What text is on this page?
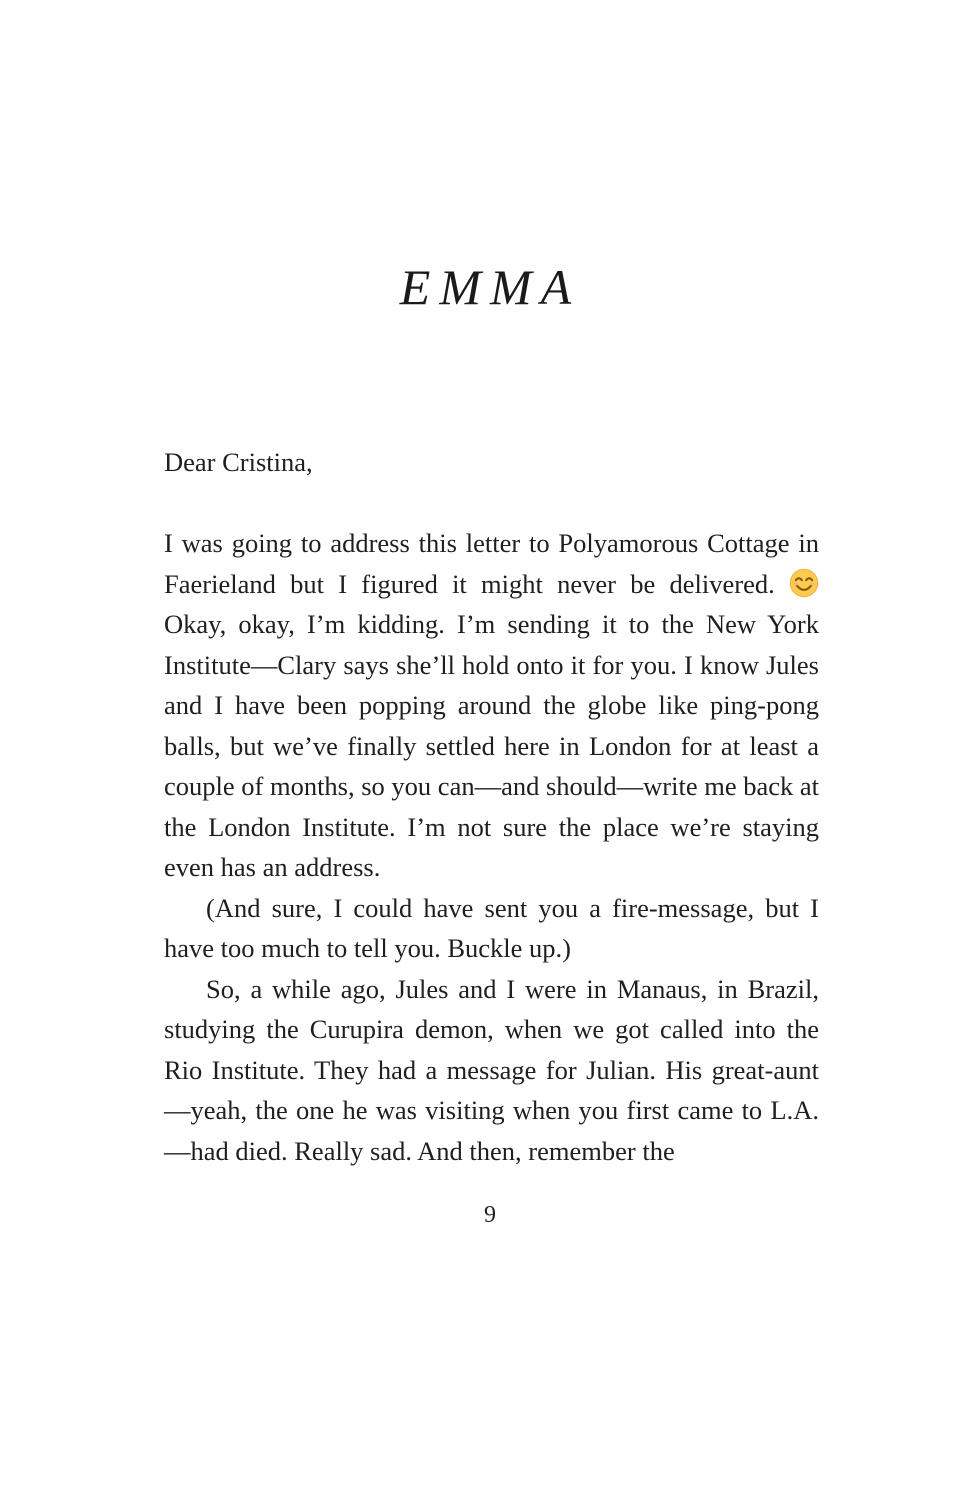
EMMA

Dear Cristina,

I was going to address this letter to Polyamorous Cottage in Faerieland but I figured it might never be delivered.
Okay, okay, I’m kidding. I’m sending it to the New York Institute—Clary says she’ll hold onto it for you. I know Jules and I have been popping around the globe like ping-pong balls, but we’ve finally settled here in London for at least a couple of months, so you can—and should—write me back at the London Institute. I’m not sure the place we’re staying even has an address.

(And sure, I could have sent you a fire-message, but I have too much to tell you. Buckle up.)

So, a while ago, Jules and I were in Manaus, in Brazil, studying the Curupira demon, when we got called into the Rio Institute. They had a message for Julian. His great-aunt—yeah, the one he was visiting when you first came to L.A.—had died. Really sad. And then, remember the

9
